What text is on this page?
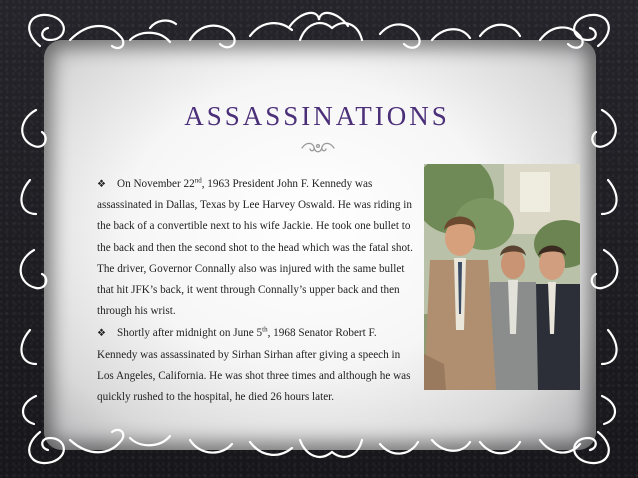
ASSASSINATIONS

❖ On November 22nd, 1963 President John F. Kennedy was assassinated in Dallas, Texas by Lee Harvey Oswald. He was riding in the back of a convertible next to his wife Jackie. He took one bullet to the back and then the second shot to the head which was the fatal shot. The driver, Governor Connally also was injured with the same bullet that hit JFK’s back, it went through Connally’s upper back and then through his wrist.

❖ Shortly after midnight on June 5th, 1968 Senator Robert F. Kennedy was assassinated by Sirhan Sirhan after giving a speech in Los Angeles, California. He was shot three times and although he was quickly rushed to the hospital, he died 26 hours later.
